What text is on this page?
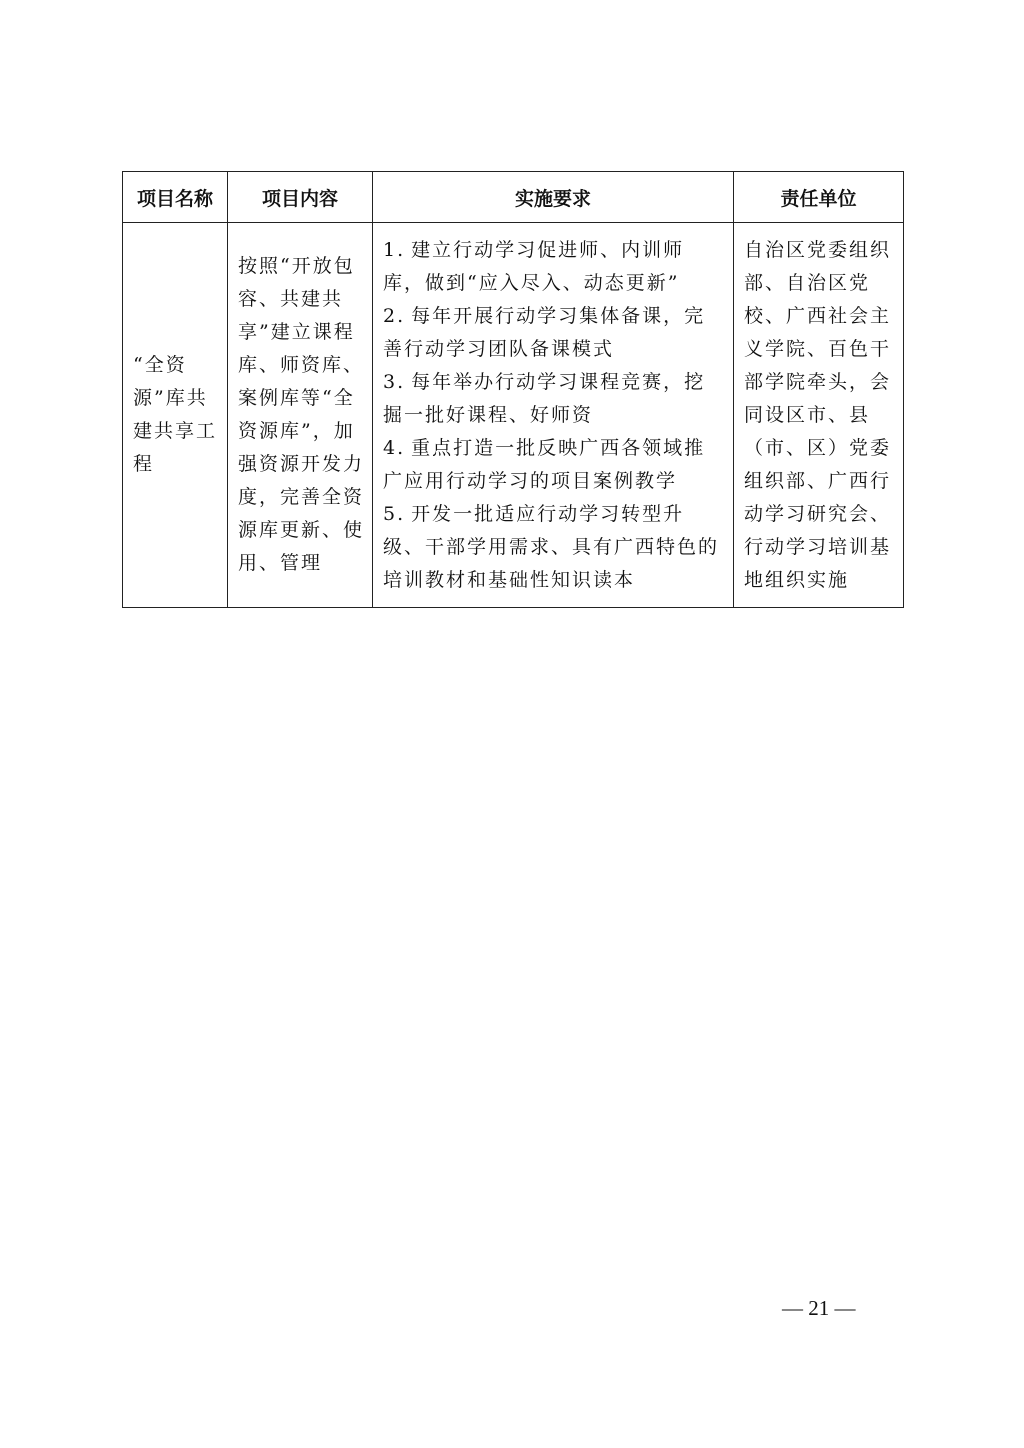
项目名称	项目内容	实施要求	责任单位

“全资源”库共建共享工程	按照“开放包容、共建共享”建立课程库、师资库、案例库等“全资源库”，加强资源开发力度，完善全资源库更新、使用、管理	1. 建立行动学习促进师、内训师库，做到“应入尽入、动态更新”
2. 每年开展行动学习集体备课，完善行动学习团队备课模式
3. 每年举办行动学习课程竞赛，挖掘一批好课程、好师资
4. 重点打造一批反映广西各领域推广应用行动学习的项目案例教学
5. 开发一批适应行动学习转型升级、干部学用需求、具有广西特色的培训教材和基础性知识读本	自治区党委组织部、自治区党校、广西社会主义学院、百色干部学院牵头，会同设区市、县（市、区）党委组织部、广西行动学习研究会、行动学习培训基地组织实施
— 21 —
